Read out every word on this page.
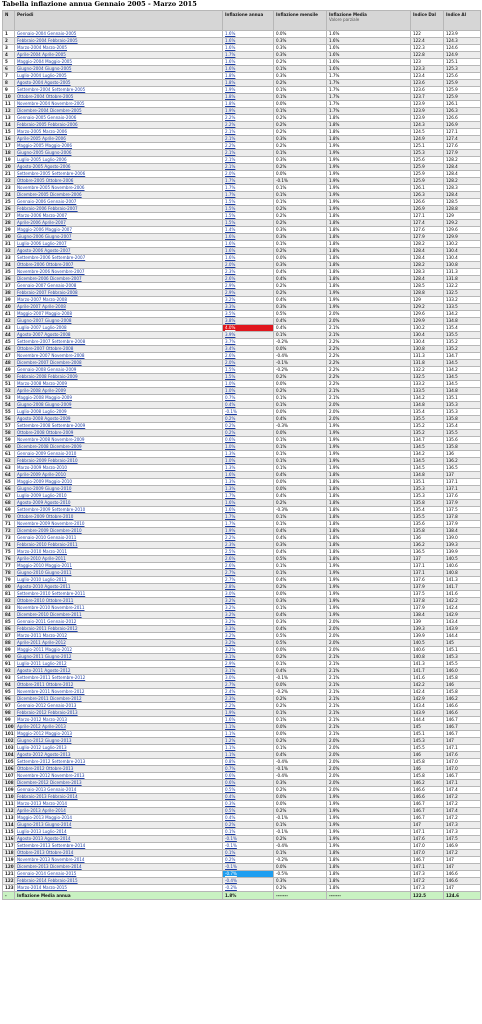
Tabella inflazione annua Gennaio 2005 - Marzo 2015
N	Periodi	Inflazione annua	Inflazione mensile	Inflazione Media
Valore parziale	Indice Dal	Indice Al
1	Gennaio-2004 Gennaio-2005	1.6%	0.0%	1.6%	122	123.9
2	Febbraio-2004 Febbraio-2005	1.6%	0.3%	1.6%	122.4	124.3
3	Marzo-2004 Marzo-2005	1.6%	0.3%	1.6%	122.3	124.6
4	Aprile-2004 Aprile-2005	1.7%	0.3%	1.6%	122.8	124.9
5	Maggio-2004 Maggio-2005	1.6%	0.2%	1.6%	123	125.1
6	Giugno-2004 Giugno-2005	1.6%	0.1%	1.6%	123.3	125.3
7	Luglio-2004 Luglio-2005	1.8%	0.3%	1.7%	123.4	125.6
8	Agosto-2004 Agosto-2005	1.8%	0.2%	1.7%	123.6	125.9
9	Settembre-2004 Settembre-2005	1.9%	0.1%	1.7%	123.6	125.9
10	Ottobre-2004 Ottobre-2005	1.8%	0.1%	1.7%	123.7	125.9
11	Novembre-2004 Novembre-2005	1.8%	0.0%	1.7%	123.9	126.1
12	Dicembre-2004 Dicembre-2005	1.9%	0.1%	1.7%	123.9	126.3
13	Gennaio-2005 Gennaio-2006	2.2%	0.2%	1.8%	123.9	126.6
14	Febbraio-2005 Febbraio-2006	2.2%	0.2%	1.8%	124.3	126.9
15	Marzo-2005 Marzo-2006	2.1%	0.2%	1.8%	124.5	127.1
16	Aprile-2005 Aprile-2006	2.1%	0.3%	1.8%	124.9	127.4
17	Maggio-2005 Maggio-2006	2.2%	0.2%	1.9%	125.1	127.6
18	Giugno-2005 Giugno-2006	2.1%	0.1%	1.9%	125.3	127.9
19	Luglio-2005 Luglio-2006	2.1%	0.3%	1.9%	125.6	128.2
20	Agosto-2005 Agosto-2006	2.1%	0.2%	1.9%	125.9	128.4
21	Settembre-2005 Settembre-2006	2.0%	0.0%	1.9%	125.9	128.4
22	Ottobre-2005 Ottobre-2006	1.7%	-0.1%	1.9%	125.9	128.2
23	Novembre-2005 Novembre-2006	1.7%	0.1%	1.9%	126.1	128.3
24	Dicembre-2005 Dicembre-2006	1.7%	0.1%	1.9%	126.3	128.4
25	Gennaio-2006 Gennaio-2007	1.5%	0.1%	1.9%	126.6	128.5
26	Febbraio-2006 Febbraio-2007	1.5%	0.2%	1.9%	126.9	128.8
27	Marzo-2006 Marzo-2007	1.5%	0.2%	1.8%	127.1	129
28	Aprile-2006 Aprile-2007	1.5%	0.2%	1.8%	127.4	129.2
29	Maggio-2006 Maggio-2007	1.4%	0.3%	1.8%	127.6	129.6
30	Giugno-2006 Giugno-2007	1.6%	0.3%	1.8%	127.9	129.9
31	Luglio-2006 Luglio-2007	1.6%	0.1%	1.8%	128.2	130.2
32	Agosto-2006 Agosto-2007	1.6%	0.2%	1.8%	128.4	130.4
33	Settembre-2006 Settembre-2007	1.6%	0.0%	1.8%	128.4	130.4
34	Ottobre-2006 Ottobre-2007	2.0%	0.3%	1.8%	128.2	130.8
35	Novembre-2006 Novembre-2007	2.3%	0.4%	1.8%	128.3	131.3
36	Dicembre-2006 Dicembre-2007	2.6%	0.4%	1.8%	128.4	131.8
37	Gennaio-2007 Gennaio-2008	2.9%	0.2%	1.8%	128.5	132.2
38	Febbraio-2007 Febbraio-2008	2.9%	0.2%	1.9%	128.8	132.5
39	Marzo-2007 Marzo-2008	3.2%	0.4%	1.9%	129	133.2
40	Aprile-2007 Aprile-2008	3.3%	0.3%	1.9%	129.2	133.5
41	Maggio-2007 Maggio-2008	3.5%	0.5%	2.0%	129.6	134.2
42	Giugno-2007 Giugno-2008	3.8%	0.4%	2.0%	129.9	134.8
43	Luglio-2007 Luglio-2008	4.0%	0.4%	2.1%	130.2	135.4
44	Agosto-2007 Agosto-2008	3.9%	0.1%	2.1%	130.4	135.5
45	Settembre-2007 Settembre-2008	3.7%	-0.2%	2.2%	130.4	135.2
46	Ottobre-2007 Ottobre-2008	3.4%	0.0%	2.2%	130.8	135.2
47	Novembre-2007 Novembre-2008	2.6%	-0.4%	2.2%	131.3	134.7
48	Dicembre-2007 Dicembre-2008	2.0%	-0.1%	2.2%	131.8	134.5
49	Gennaio-2008 Gennaio-2009	1.5%	-0.2%	2.2%	132.2	134.2
50	Febbraio-2008 Febbraio-2009	1.5%	0.2%	2.2%	132.5	134.5
51	Marzo-2008 Marzo-2009	1.0%	0.0%	2.2%	133.2	134.5
52	Aprile-2008 Aprile-2009	1.0%	0.2%	2.1%	133.5	134.8
53	Maggio-2008 Maggio-2009	0.7%	0.1%	2.1%	134.2	135.1
54	Giugno-2008 Giugno-2009	0.4%	0.1%	2.0%	134.8	135.3
55	Luglio-2008 Luglio-2009	-0.1%	0.0%	2.0%	135.4	135.3
56	Agosto-2008 Agosto-2009	0.2%	0.4%	2.0%	135.5	135.8
57	Settembre-2008 Settembre-2009	0.2%	-0.3%	1.9%	135.2	135.4
58	Ottobre-2008 Ottobre-2009	0.2%	0.0%	1.9%	135.2	135.5
59	Novembre-2008 Novembre-2009	0.6%	0.1%	1.9%	134.7	135.6
60	Dicembre-2008 Dicembre-2009	1.0%	0.1%	1.9%	134.5	135.8
61	Gennaio-2009 Gennaio-2010	1.3%	0.1%	1.9%	134.2	136
62	Febbraio-2009 Febbraio-2010	1.0%	0.1%	1.9%	134.5	136.2
63	Marzo-2009 Marzo-2010	1.3%	0.1%	1.9%	134.5	136.5
64	Aprile-2009 Aprile-2010	1.6%	0.4%	1.8%	134.8	137
65	Maggio-2009 Maggio-2010	1.3%	0.0%	1.8%	135.1	137.1
66	Giugno-2009 Giugno-2010	1.3%	0.0%	1.8%	135.3	137.1
67	Luglio-2009 Luglio-2010	1.7%	0.4%	1.8%	135.3	137.6
68	Agosto-2009 Agosto-2010	1.6%	0.2%	1.8%	135.8	137.9
69	Settembre-2009 Settembre-2010	1.6%	-0.3%	1.8%	135.4	137.5
70	Ottobre-2009 Ottobre-2010	1.7%	0.1%	1.8%	135.5	137.8
71	Novembre-2009 Novembre-2010	1.7%	0.1%	1.8%	135.6	137.9
72	Dicembre-2009 Dicembre-2010	1.9%	0.4%	1.8%	135.8	138.4
73	Gennaio-2010 Gennaio-2011	2.2%	0.4%	1.8%	136	139.0
74	Febbraio-2010 Febbraio-2011	2.3%	0.3%	1.8%	136.2	139.3
75	Marzo-2010 Marzo-2011	2.5%	0.4%	1.8%	136.5	139.9
76	Aprile-2010 Aprile-2011	2.6%	0.5%	1.8%	137	140.5
77	Maggio-2010 Maggio-2011	2.6%	0.1%	1.9%	137.1	140.6
78	Giugno-2010 Giugno-2011	2.7%	0.1%	1.9%	137.1	140.8
79	Luglio-2010 Luglio-2011	2.7%	0.4%	1.9%	137.6	141.3
80	Agosto-2010 Agosto-2011	2.8%	0.2%	1.9%	137.9	141.7
81	Settembre-2010 Settembre-2011	3.0%	0.0%	1.9%	137.5	141.6
82	Ottobre-2010 Ottobre-2011	3.2%	0.3%	1.9%	137.8	142.2
83	Novembre-2010 Novembre-2011	3.2%	0.1%	1.9%	137.9	142.4
84	Dicembre-2010 Dicembre-2011	3.2%	0.4%	1.9%	138.4	142.9
85	Gennaio-2011 Gennaio-2012	3.2%	0.3%	2.0%	139	143.4
86	Febbraio-2011 Febbraio-2012	3.3%	0.4%	2.0%	139.3	143.9
87	Marzo-2011 Marzo-2012	3.2%	0.5%	2.0%	139.9	144.4
88	Aprile-2011 Aprile-2012	3.2%	0.5%	2.0%	140.5	145
89	Maggio-2011 Maggio-2012	3.2%	0.0%	2.0%	140.6	145.1
90	Giugno-2011 Giugno-2012	3.1%	0.2%	2.1%	140.8	145.3
91	Luglio-2011 Luglio-2012	2.9%	0.1%	2.1%	141.3	145.5
92	Agosto-2011 Agosto-2012	3.1%	0.4%	2.1%	141.7	146.0
93	Settembre-2011 Settembre-2012	3.0%	-0.1%	2.1%	141.6	145.8
94	Ottobre-2011 Ottobre-2012	2.7%	0.0%	2.1%	142.2	146
95	Novembre-2011 Novembre-2012	2.4%	-0.2%	2.1%	142.4	145.8
96	Dicembre-2011 Dicembre-2012	2.3%	0.2%	2.1%	142.9	146.2
97	Gennaio-2012 Gennaio-2013	2.2%	0.2%	2.1%	143.4	146.6
98	Febbraio-2012 Febbraio-2013	1.9%	0.1%	2.1%	143.9	146.6
99	Marzo-2012 Marzo-2013	1.6%	0.1%	2.1%	144.4	146.7
100	Aprile-2012 Aprile-2013	1.1%	0.0%	2.1%	145	146.7
101	Maggio-2012 Maggio-2013	1.1%	0.0%	2.1%	145.1	146.7
102	Giugno-2012 Giugno-2013	1.2%	0.2%	2.0%	145.3	147
103	Luglio-2012 Luglio-2013	1.1%	0.1%	2.0%	145.5	147.1
104	Agosto-2012 Agosto-2013	1.1%	0.4%	2.0%	146	147.6
105	Settembre-2012 Settembre-2013	0.8%	-0.4%	2.0%	145.8	147.0
106	Ottobre-2012 Ottobre-2013	0.7%	-0.1%	2.0%	146	147.0
107	Novembre-2012 Novembre-2013	0.6%	-0.4%	2.0%	145.8	146.7
108	Dicembre-2012 Dicembre-2013	0.6%	0.3%	2.0%	146.2	147.1
109	Gennaio-2013 Gennaio-2014	0.5%	0.2%	2.0%	146.6	147.4
110	Febbraio-2013 Febbraio-2014	0.4%	0.0%	1.9%	146.6	147.2
111	Marzo-2013 Marzo-2014	0.3%	0.0%	1.9%	146.7	147.2
112	Aprile-2013 Aprile-2014	0.5%	0.2%	1.9%	146.7	147.4
113	Maggio-2013 Maggio-2014	0.4%	-0.1%	1.9%	146.7	147.2
114	Giugno-2013 Giugno-2014	0.2%	0.1%	1.9%	147	147.3
115	Luglio-2013 Luglio-2014	0.1%	-0.1%	1.9%	147.1	147.3
116	Agosto-2013 Agosto-2014	-0.1%	0.2%	1.9%	147.6	147.5
117	Settembre-2013 Settembre-2014	-0.1%	-0.4%	1.9%	147.0	146.9
118	Ottobre-2013 Ottobre-2014	0.1%	0.1%	1.8%	147.0	147.2
119	Novembre-2013 Novembre-2014	0.2%	-0.2%	1.8%	146.7	147
120	Dicembre-2013 Dicembre-2014	-0.1%	0.0%	1.8%	147.1	147
121	Gennaio-2014 Gennaio-2015	-0.7%	-0.5%	1.8%	147.3	146.6
122	Febbraio-2014 Febbraio-2015	-0.4%	0.3%	1.8%	147.2	146.6
123	Marzo-2014 Marzo-2015	-0.2%	0.2%	1.8%	147.3	147
-	Inflazione Media annua	1.8%	-------	-------	122.5	124.6
